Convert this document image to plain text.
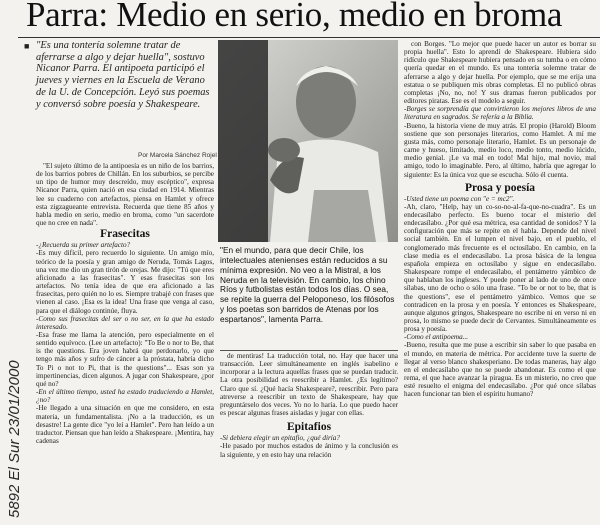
Parra: Medio en serio, medio en broma
■ "Es una tontería solemne tratar de aferrarse a algo y dejar huella", sostuvo Nicanor Parra. El antipoeta participó el jueves y viernes en la Escuela de Verano de la U. de Concepción. Leyó sus poemas y conversó sobre poesía y Shakespeare.
Por Marcela Sánchez Rojel

"El sujeto último de la antipoesía es un niño de los barrios, de los barrios pobres de Chillán. En los suburbios, se percibe un tipo de humor muy descreído, muy escéptico", expresa Nicanor Parra, quien nació en esa ciudad en 1914. Mientras lee su cuaderno con artefactos, piensa en Hamlet y ofrece esta zigzagueante entrevista. Recuerda que tiene 85 años y habla medio en serio, medio en broma, como "un sacerdote que no cree en nada".

Frasecitas

- ¿Recuerda su primer artefacto?

- Es muy difícil, pero recuerdo lo siguiente. Un amigo mío, teórico de la poesía y gran amigo de Neruda, Tomás Lagos, una vez me dio un gran tirón de orejas. Me dijo: "Tú que eres aficionado a las frasecitas". Y esas frasecitas son los artefactos. No tenía idea de que era aficionado a las frasecitas, pero quién no lo es. Siempre trabajé con frases que vienen al caso. ¡Esa es la idea! Una frase que venga al caso, para que el diálogo continúe, fluya.

- Como sus frasecitas del ser o no ser, en la que ha estado interesado.

- Esa frase me llama la atención, pero especialmente en el sentido equívoco. (Lee un artefacto): "To Be o nor to Be, that is the questions. Era joven habrá que perdonarlo, yo que tengo más años y sufro de cáncer a la próstata, habría dicho To Pi o not to Pi, that is the questions"... Esas son ya impertinencias, dicen algunos. A jugar con Shakespeare, ¿por qué no?

- En el último tiempo, usted ha estado traduciendo a Hamlet, ¿no?

- He llegado a una situación en que me considero, en esta materia, un fundamentalista. ¡No a la traducción, es un desastre! La gente dice "yo leí a Hamlet". Pero han leído a un traductor. Piensan que han leído a Shakespeare. ¡Mentira, hay cadenas

"En el mundo, para que decir Chile, los intelectuales atenienses están reducidos a su mínima expresión. No veo a la Mistral, a los Neruda en la televisión. En cambio, los chino Ríos y futbolistas están todos los días. O sea, se repite la guerra del Peloponeso, los filósofos y los poetas son barridos de Atenas por los espartanos", lamenta Parra.

de mentiras! La traducción total, no. Hay que hacer una transacción. Leer simultáneamente en inglés isabelino e incorporar a la lectura aquellas frases que se puedan traducir. La otra posibilidad es reescribir a Hamlet. ¿Es legítimo? Claro que sí. ¿Qué hacía Shakespeare?, reescribir. Pero para atreverse a reescribir un texto de Shakespeare, hay que preguntárselo dos veces. Yo no lo haría. Lo que puedo hacer es pescar algunas frases aisladas y jugar con ellas.

Epitafios

- Si debiera elegir un epitafio, ¿qué diría?

- He pasado por muchos estados de ánimo y la conclusión es la siguiente, y en esto hay una relación

con Borges. "Lo mejor que puede hacer un autor es borrar su propia huella". Esto lo aprendí de Shakespeare. Hubiera sido ridículo que Shakespeare hubiera pensado en su tumba o en cómo quería quedar en el mundo. Es una tontería solemne tratar de aferrarse a algo y dejar huella. Por ejemplo, que se me erija una estatua o se publiquen mis obras completas. El no publicó obras completas ¡No, no, no! Y sus dramas fueron publicados por editores piratas. Ese es el modelo a seguir.

- Borges se sorprendía que convirtieron los mejores libros de una literatura en sagrados. Se refería a la Biblia.

- Bueno, la historia viene de muy atrás. El propio (Harold) Bloom sostiene que son personajes literarios, como Hamlet. A mí me gusta más, como personaje literario, Hamlet. Es un personaje de carne y hueso, limitado, medio loco, medio tonto, medio lúcido, medio genial. ¡Le va mal en todo! Mal hijo, mal novio, mal amigo, todo lo imaginable. Pero, al último, habría que agregar lo siguiente: Es la única voz que se escucha. Sólo él cuenta.

Prosa y poesía

- Usted tiene un poema con "e = mc2".

- Ah, claro, "Help, hay un co-so-no-al-fa-que-no-cuadra". Es un endecasílabo perfecto. Es bueno tocar el misterio del endecasílabo. ¿Por qué esa métrica, esa cantidad de sonidos? Y la configuración que más se repite en el habla. Depende del nivel social también. En el lumpen el nivel bajo, en el pueblo, el conglomerado más frecuente es el octosílabo. En cambio, en la clase media es el endecasílabo. La prosa básica de la lengua española empieza en octosílabo y sigue en endecasílabo. Shakespeare rompe el endecasílabo, el pentámetro yámbico de que hablaban los ingleses. Y puede poner al lado de uno de once sílabas, uno de ocho o sólo una frase. "To be or not to be, that is the questions", ese el pentámetro yámbico. Vemos que se contradicen en la prosa y en poesía. Y entonces es Shakespeare, aunque algunos gringos, Shakespeare no escribe ni en verso ni en prosa, lo mismo se puede decir de Cervantes. Simultáneamente es prosa y poesía.

- Como el antipoema...

- Bueno, resulta que me puse a escribir sin saber lo que pasaba en el mundo, en materia de métrica. Por accidente tuve la suerte de llegar al verso blanco shakesperiano. De todas maneras, hay algo en el endecasílabo que no se puede abandonar. Es como el que rema, el que hace avanzar la piragua. Es un misterio, no creo que esté resuelto el enigma del endecasílabo. ¿Por qué once sílabas hacen funcionar tan bien el espíritu humano?

5892 El Sur 23/01/2000
